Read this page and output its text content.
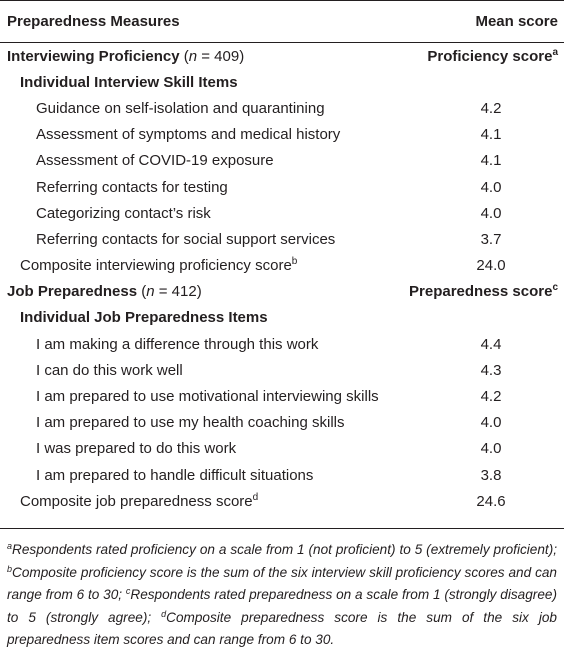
Preparedness Measures	Mean score
Interviewing Proficiency (n = 409)	Proficiency score$^a$
Individual Interview Skill Items
Guidance on self-isolation and quarantining	4.2
Assessment of symptoms and medical history	4.1
Assessment of COVID-19 exposure	4.1
Referring contacts for testing	4.0
Categorizing contact’s risk	4.0
Referring contacts for social support services	3.7
Composite interviewing proficiency score$^b$	24.0
Job Preparedness (n = 412)	Preparedness score$^c$
Individual Job Preparedness Items
I am making a difference through this work	4.4
I can do this work well	4.3
I am prepared to use motivational interviewing skills	4.2
I am prepared to use my health coaching skills	4.0
I was prepared to do this work	4.0
I am prepared to handle difficult situations	3.8
Composite job preparedness score$^d$	24.6
$^a$Respondents rated proficiency on a scale from 1 (not proficient) to 5 (extremely proficient); $^b$Composite proficiency score is the sum of the six interview skill proficiency scores and can range from 6 to 30; $^c$Respondents rated preparedness on a scale from 1 (strongly disagree) to 5 (strongly agree); $^d$Composite preparedness score is the sum of the six job preparedness item scores and can range from 6 to 30.
